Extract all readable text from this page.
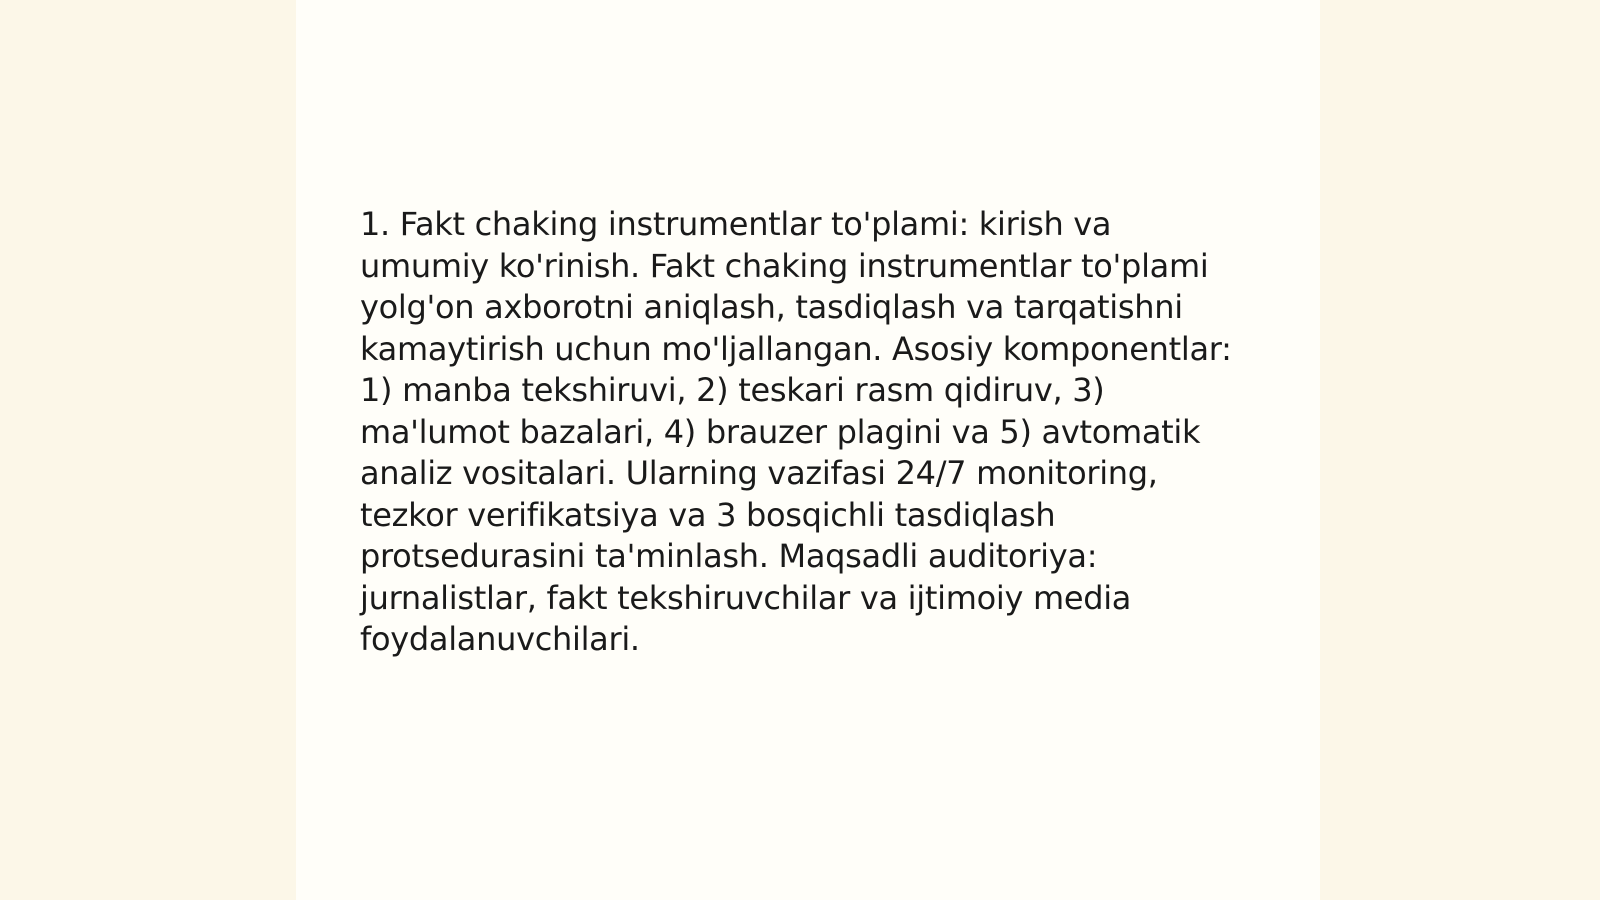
1. Fakt chaking instrumentlar to'plami: kirish va umumiy ko'rinish. Fakt chaking instrumentlar to'plami yolg'on axborotni aniqlash, tasdiqlash va tarqatishni kamaytirish uchun mo'ljallangan. Asosiy komponentlar: 1) manba tekshiruvi, 2) teskari rasm qidiruv, 3) ma'lumot bazalari, 4) brauzer plagini va 5) avtomatik analiz vositalari. Ularning vazifasi 24/7 monitoring, tezkor verifikatsiya va 3 bosqichli tasdiqlash protsedurasini ta'minlash. Maqsadli auditoriya: jurnalistlar, fakt tekshiruvchilar va ijtimoiy media foydalanuvchilari.
